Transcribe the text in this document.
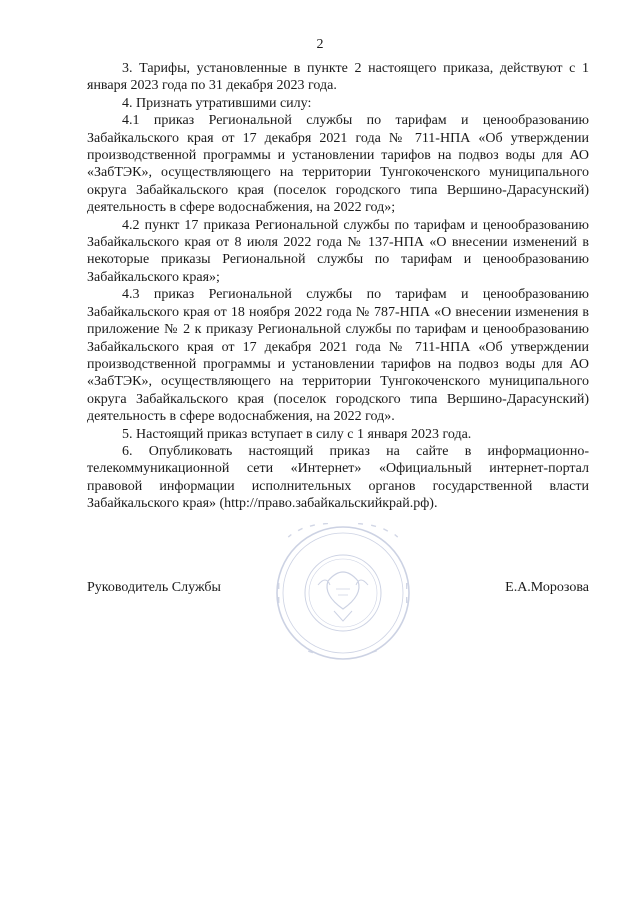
2

3. Тарифы, установленные в пункте 2 настоящего приказа, действуют с 1 января 2023 года по 31 декабря 2023 года.

4. Признать утратившими силу:

4.1 приказ Региональной службы по тарифам и ценообразованию Забайкальского края от 17 декабря 2021 года № 711-НПА «Об утверждении производственной программы и установлении тарифов на подвоз воды для АО «ЗабТЭК», осуществляющего на территории Тунгокоченского муниципального округа Забайкальского края (поселок городского типа Вершино-Дарасунский) деятельность в сфере водоснабжения, на 2022 год»;

4.2 пункт 17 приказа Региональной службы по тарифам и ценообразованию Забайкальского края от 8 июля 2022 года № 137-НПА «О внесении изменений в некоторые приказы Региональной службы по тарифам и ценообразованию Забайкальского края»;

4.3 приказ Региональной службы по тарифам и ценообразованию Забайкальского края от 18 ноября 2022 года № 787-НПА «О внесении изменения в приложение № 2 к приказу Региональной службы по тарифам и ценообразованию Забайкальского края от 17 декабря 2021 года № 711-НПА «Об утверждении производственной программы и установлении тарифов на подвоз воды для АО «ЗабТЭК», осуществляющего на территории Тунгокоченского муниципального округа Забайкальского края (поселок городского типа Вершино-Дарасунский) деятельность в сфере водоснабжения, на 2022 год».

5. Настоящий приказ вступает в силу с 1 января 2023 года.

6. Опубликовать настоящий приказ на сайте в информационно-телекоммуникационной сети «Интернет» «Официальный интернет-портал правовой информации исполнительных органов государственной власти Забайкальского края» (http://право.забайкальскийкрай.рф).

Руководитель Службы	Е.А.Морозова
